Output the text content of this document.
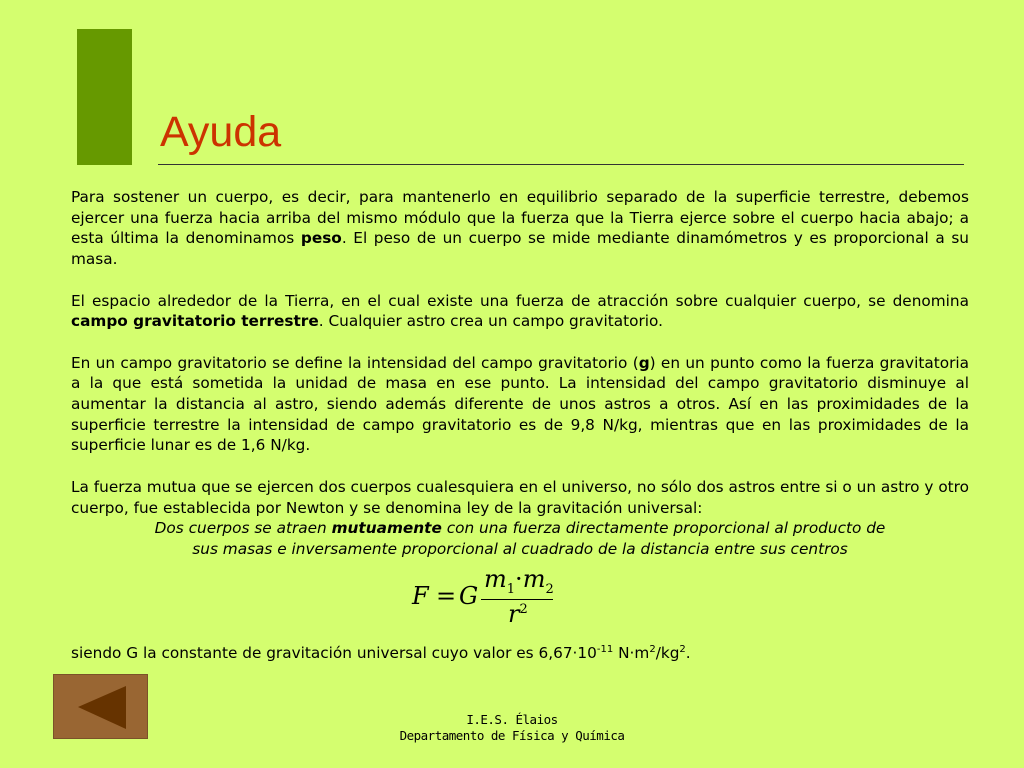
Ayuda

Para sostener un cuerpo, es decir, para mantenerlo en equilibrio separado de la superficie terrestre, debemos ejercer una fuerza hacia arriba del mismo módulo que la fuerza que la Tierra ejerce sobre el cuerpo hacia abajo; a esta última la denominamos peso. El peso de un cuerpo se mide mediante dinamómetros y es proporcional a su masa.

El espacio alrededor de la Tierra, en el cual existe una fuerza de atracción sobre cualquier cuerpo, se denomina campo gravitatorio terrestre. Cualquier astro crea un campo gravitatorio.

En un campo gravitatorio se define la intensidad del campo gravitatorio (g) en un punto como la fuerza gravitatoria a la que está sometida la unidad de masa en ese punto. La intensidad del campo gravitatorio disminuye al aumentar la distancia al astro, siendo además diferente de unos astros a otros. Así en las proximidades de la superficie terrestre la intensidad de campo gravitatorio es de 9,8 N/kg, mientras que en las proximidades de la superficie lunar es de 1,6 N/kg.

La fuerza mutua que se ejercen dos cuerpos cualesquiera en el universo, no sólo dos astros entre si o un astro y otro cuerpo, fue establecida por Newton y se denomina ley de la gravitación universal:

Dos cuerpos se atraen mutuamente con una fuerza directamente proporcional al producto de

sus masas e inversamente proporcional al cuadrado de la distancia entre sus centros

F = G
$m_1\cdot m_2$
$r^2$
siendo G la constante de gravitación universal cuyo valor es $6,67\cdot 10^{-11}$ $N\cdot m^2/kg^2$.
I.E.S. Élaios
Departamento de Física y Química
